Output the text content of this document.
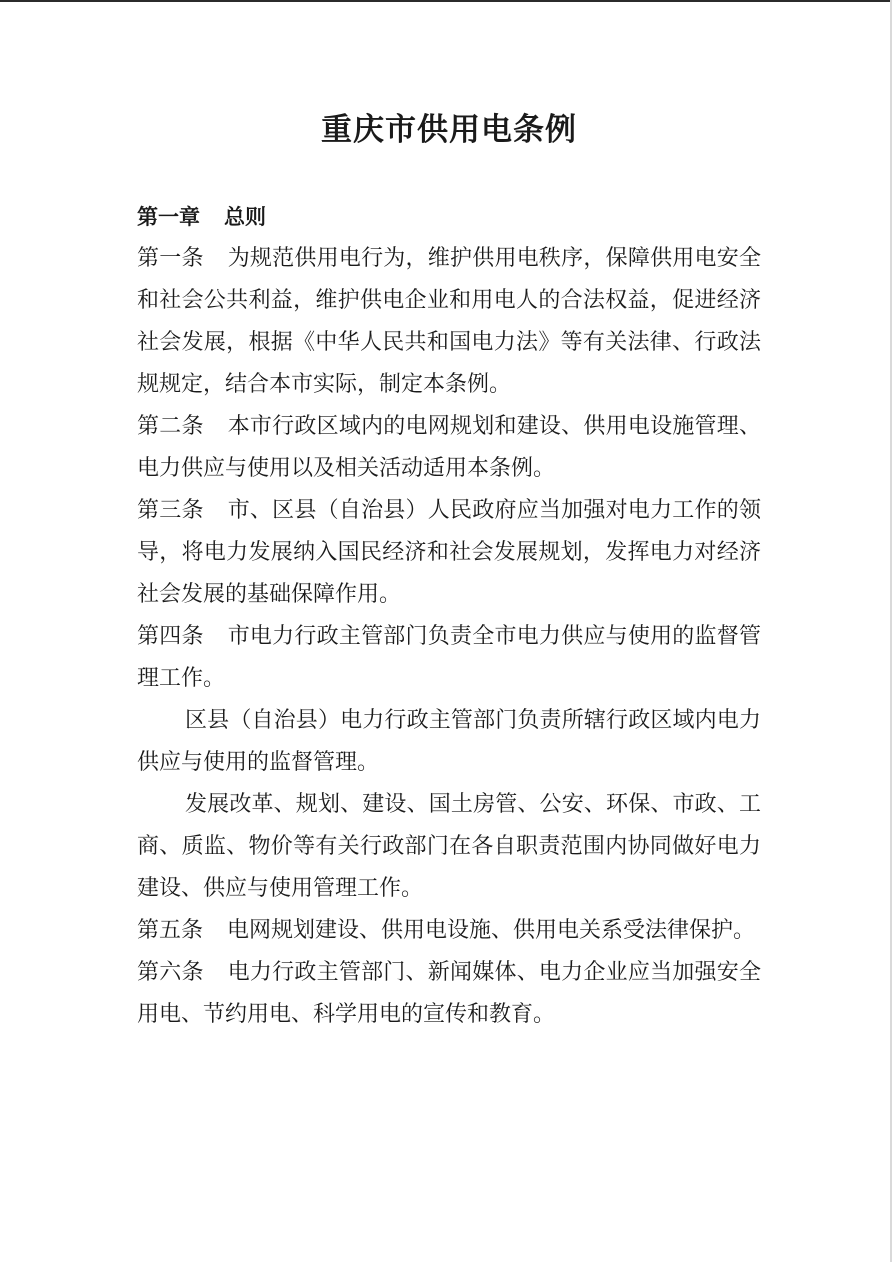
重庆市供用电条例
第一章 总则

第一条 为规范供用电行为，维护供用电秩序，保障供用电安全和社会公共利益，维护供电企业和用电人的合法权益，促进经济社会发展，根据《中华人民共和国电力法》等有关法律、行政法规规定，结合本市实际，制定本条例。

第二条 本市行政区域内的电网规划和建设、供用电设施管理、电力供应与使用以及相关活动适用本条例。

第三条 市、区县（自治县）人民政府应当加强对电力工作的领导，将电力发展纳入国民经济和社会发展规划，发挥电力对经济社会发展的基础保障作用。

第四条 市电力行政主管部门负责全市电力供应与使用的监督管理工作。

区县（自治县）电力行政主管部门负责所辖行政区域内电力供应与使用的监督管理。

发展改革、规划、建设、国土房管、公安、环保、市政、工商、质监、物价等有关行政部门在各自职责范围内协同做好电力建设、供应与使用管理工作。

第五条 电网规划建设、供用电设施、供用电关系受法律保护。

第六条 电力行政主管部门、新闻媒体、电力企业应当加强安全用电、节约用电、科学用电的宣传和教育。
